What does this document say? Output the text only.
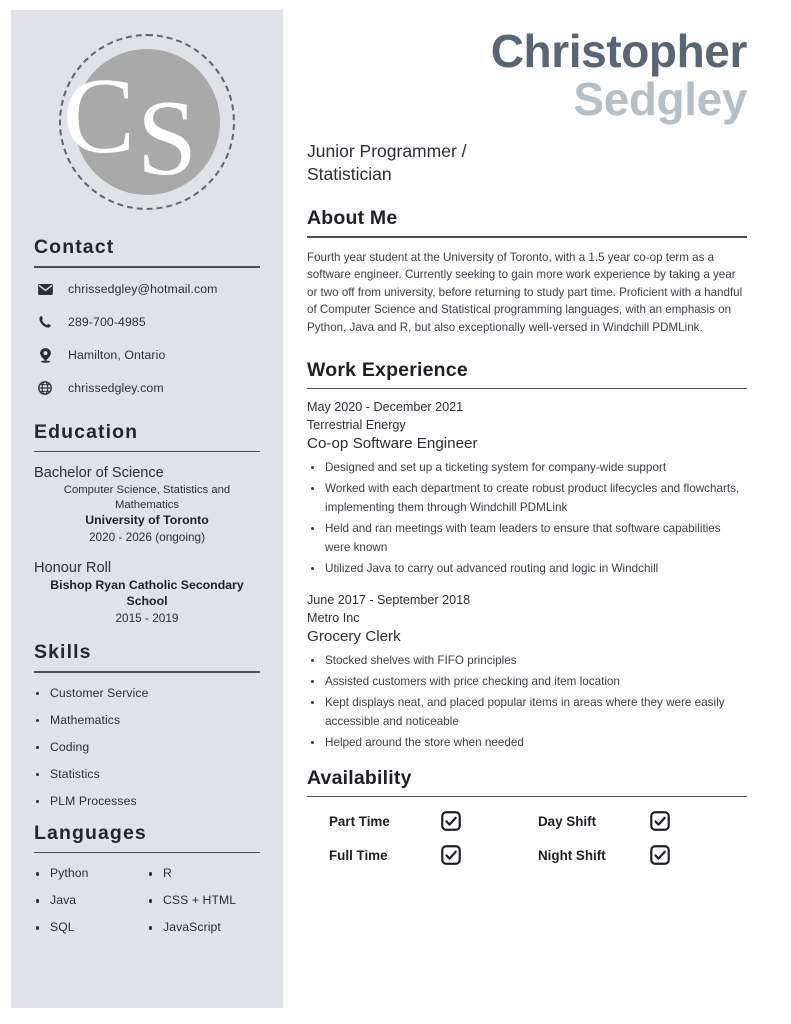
C S
Contact
chrissedgley@hotmail.com
289-700-4985
Hamilton, Ontario
chrissedgley.com
Education
Bachelor of Science
Computer Science, Statistics and Mathematics
University of Toronto
2020 - 2026 (ongoing)
Honour Roll
Bishop Ryan Catholic Secondary School
2015 - 2019
Skills
Customer Service
Mathematics
Coding
Statistics
PLM Processes
Languages
Python
Java
SQL
R
CSS + HTML
JavaScript
Christopher
Sedgley
Junior Programmer / Statistician
About Me

Fourth year student at the University of Toronto, with a 1.5 year co-op term as a software engineer. Currently seeking to gain more work experience by taking a year or two off from university, before returning to study part time. Proficient with a handful of Computer Science and Statistical programming languages, with an emphasis on Python, Java and R, but also exceptionally well-versed in Windchill PDMLink.

Work Experience
May 2020 - December 2021
Terrestrial Energy
Co-op Software Engineer
Designed and set up a ticketing system for company-wide support
Worked with each department to create robust product lifecycles and flowcharts, implementing them through Windchill PDMLink
Held and ran meetings with team leaders to ensure that software capabilities were known
Utilized Java to carry out advanced routing and logic in Windchill
June 2017 - September 2018
Metro Inc
Grocery Clerk
Stocked shelves with FIFO principles
Assisted customers with price checking and item location
Kept displays neat, and placed popular items in areas where they were easily accessible and noticeable
Helped around the store when needed
Availability
Part Time	Day Shift
Full Time	Night Shift
